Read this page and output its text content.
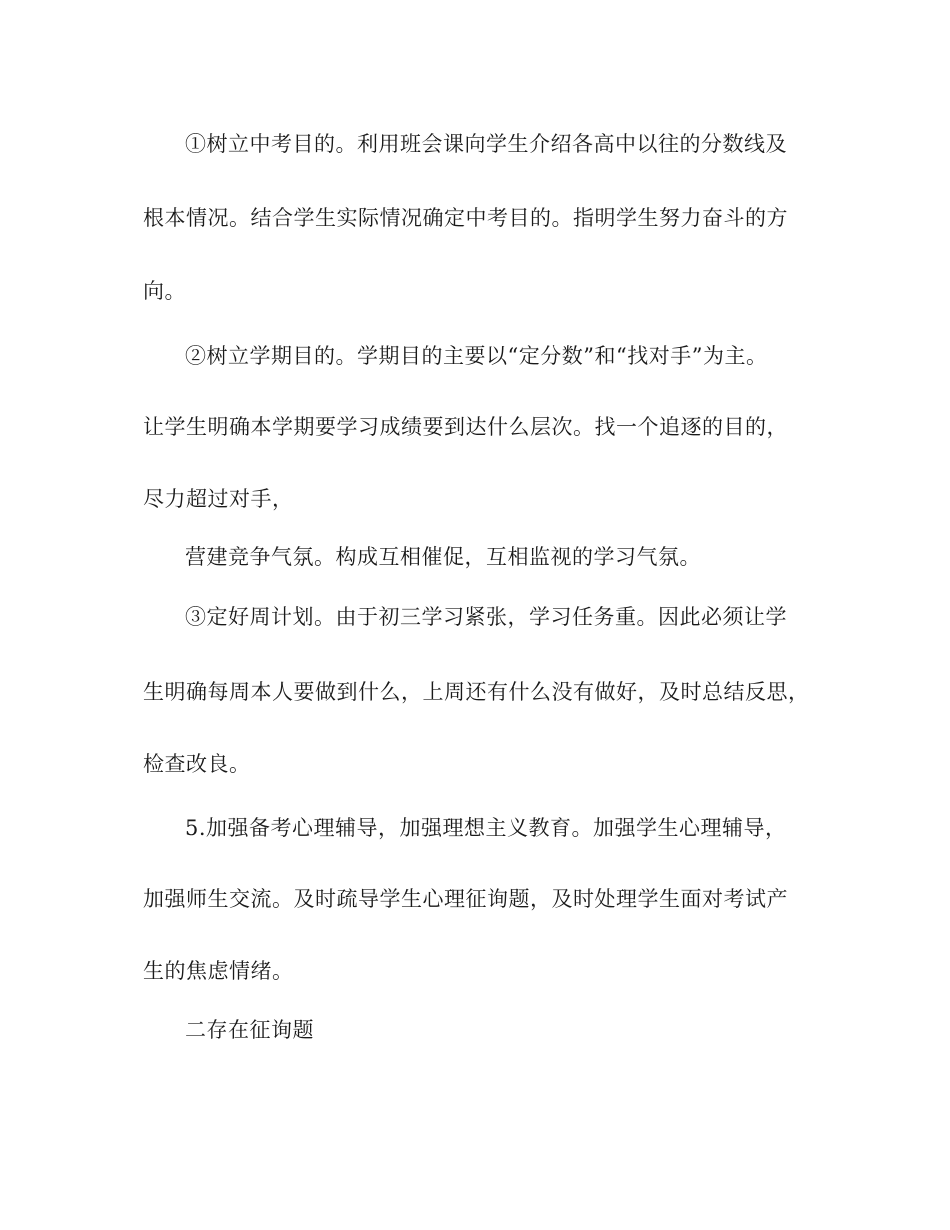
①树立中考目的。利用班会课向学生介绍各高中以往的分数线及
根本情况。结合学生实际情况确定中考目的。指明学生努力奋斗的方
向。
②树立学期目的。学期目的主要以“定分数”和“找对手”为主。
让学生明确本学期要学习成绩要到达什么层次。找一个追逐的目的，
尽力超过对手，
营建竞争气氛。构成互相催促，互相监视的学习气氛。
③定好周计划。由于初三学习紧张，学习任务重。因此必须让学
生明确每周本人要做到什么，上周还有什么没有做好，及时总结反思，
检查改良。
5.加强备考心理辅导，加强理想主义教育。加强学生心理辅导，
加强师生交流。及时疏导学生心理征询题，及时处理学生面对考试产
生的焦虑情绪。
二存在征询题
